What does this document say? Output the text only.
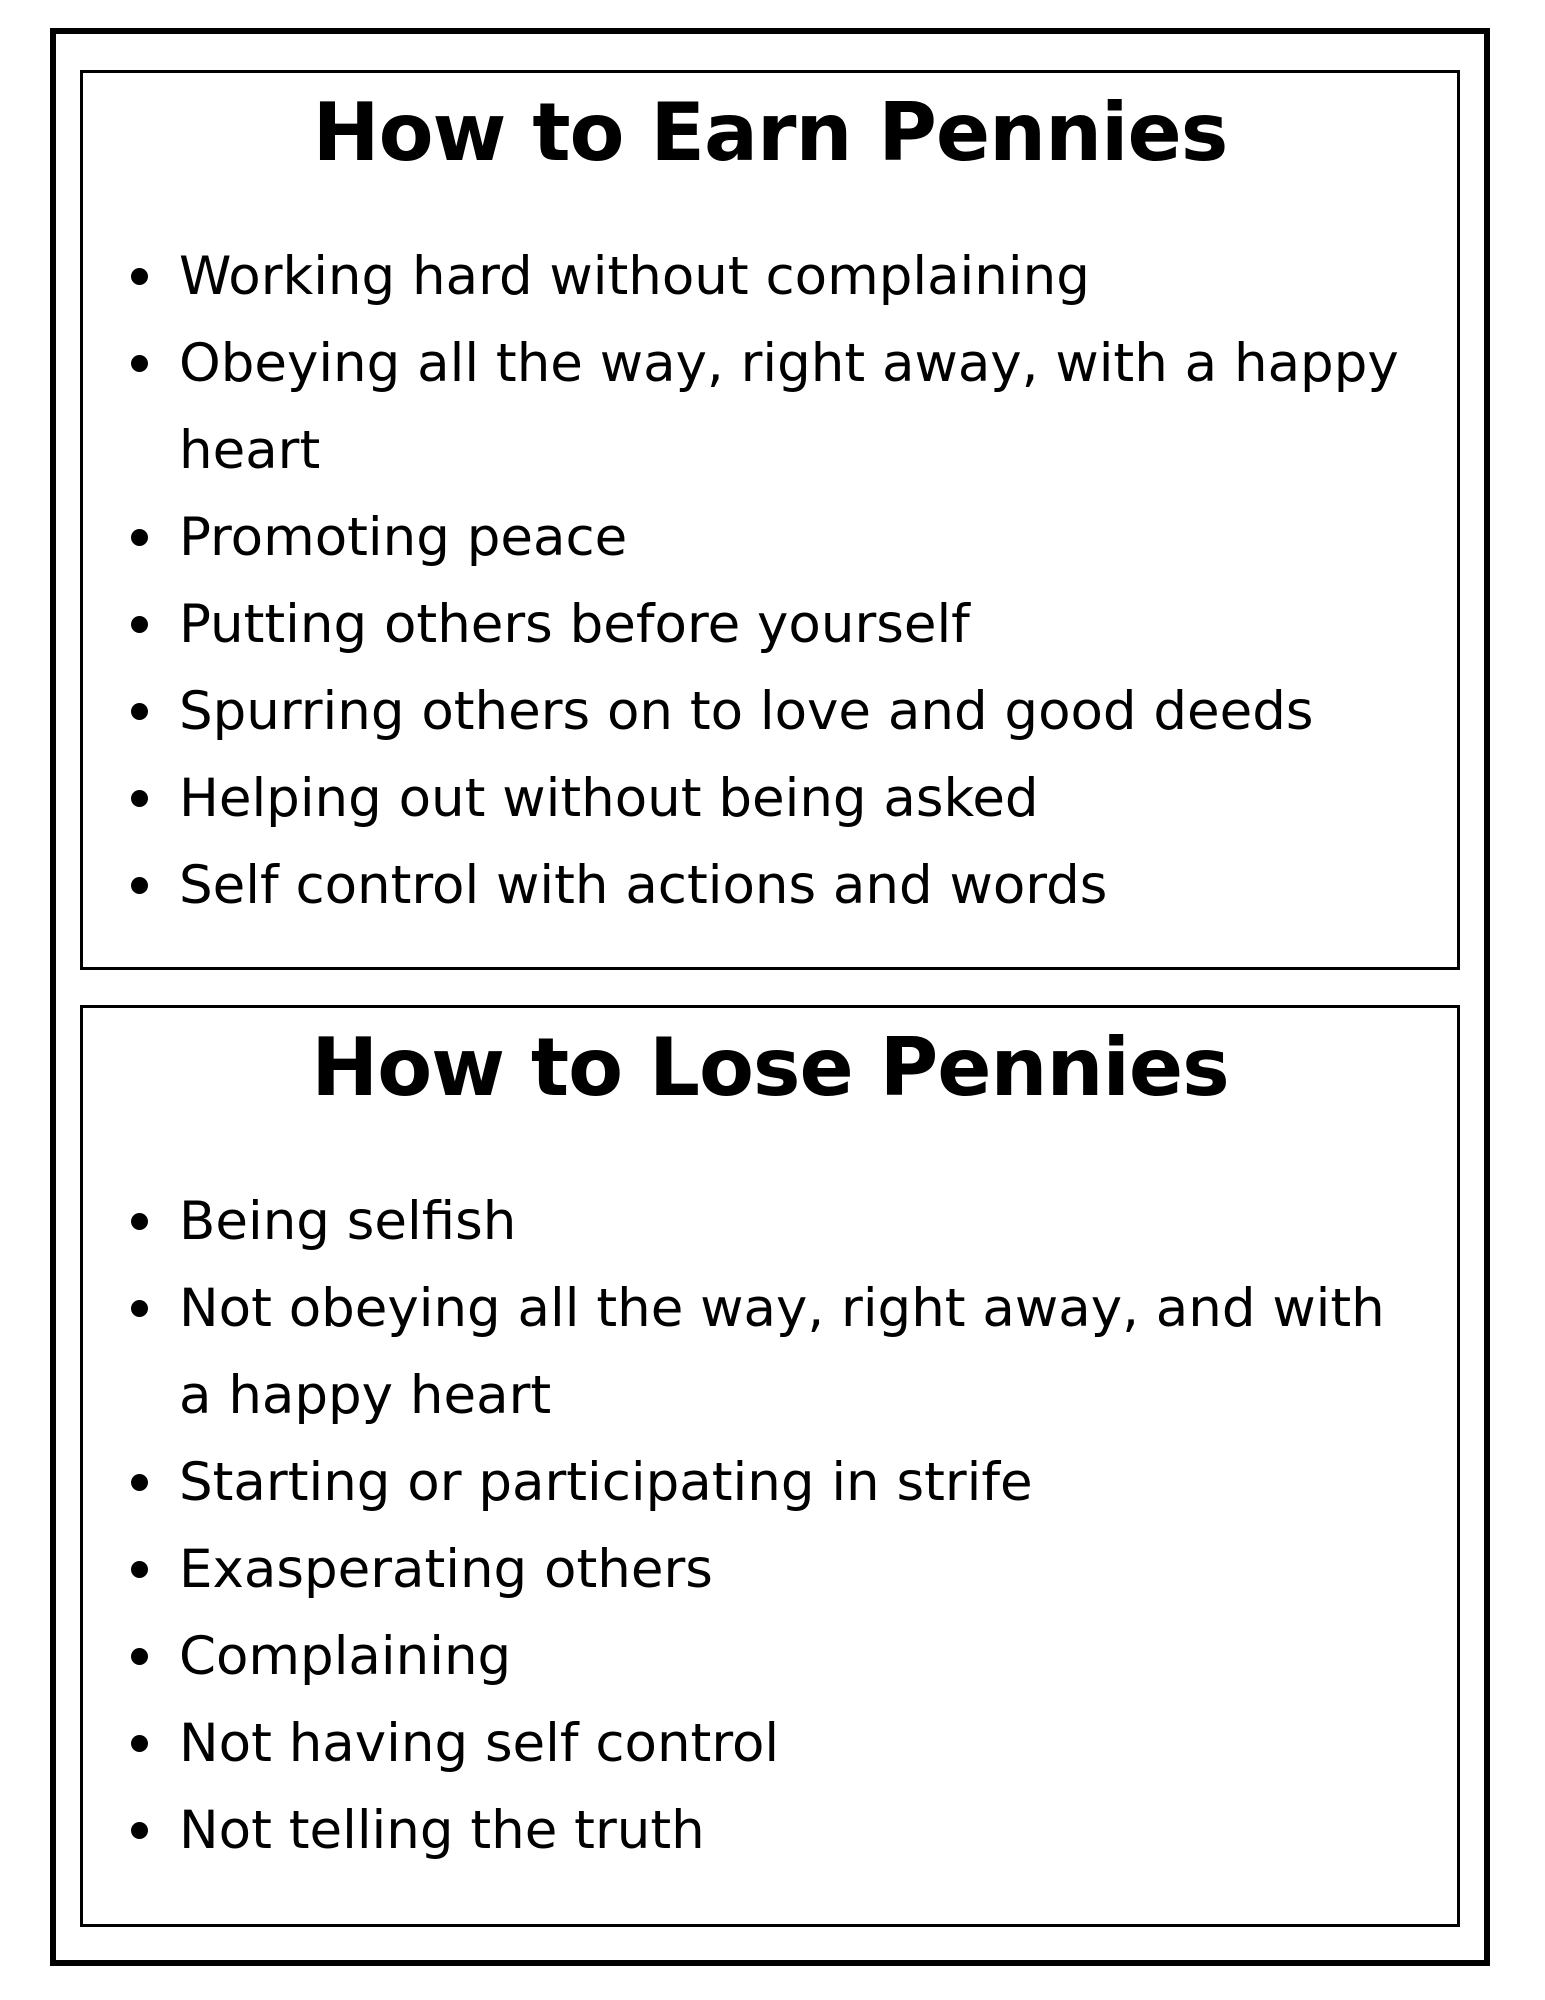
How to Earn Pennies
Working hard without complaining
Obeying all the way, right away, with a happy heart
Promoting peace
Putting others before yourself
Spurring others on to love and good deeds
Helping out without being asked
Self control with actions and words
How to Lose Pennies
Being selfish
Not obeying all the way, right away, and with a happy heart
Starting or participating in strife
Exasperating others
Complaining
Not having self control
Not telling the truth
